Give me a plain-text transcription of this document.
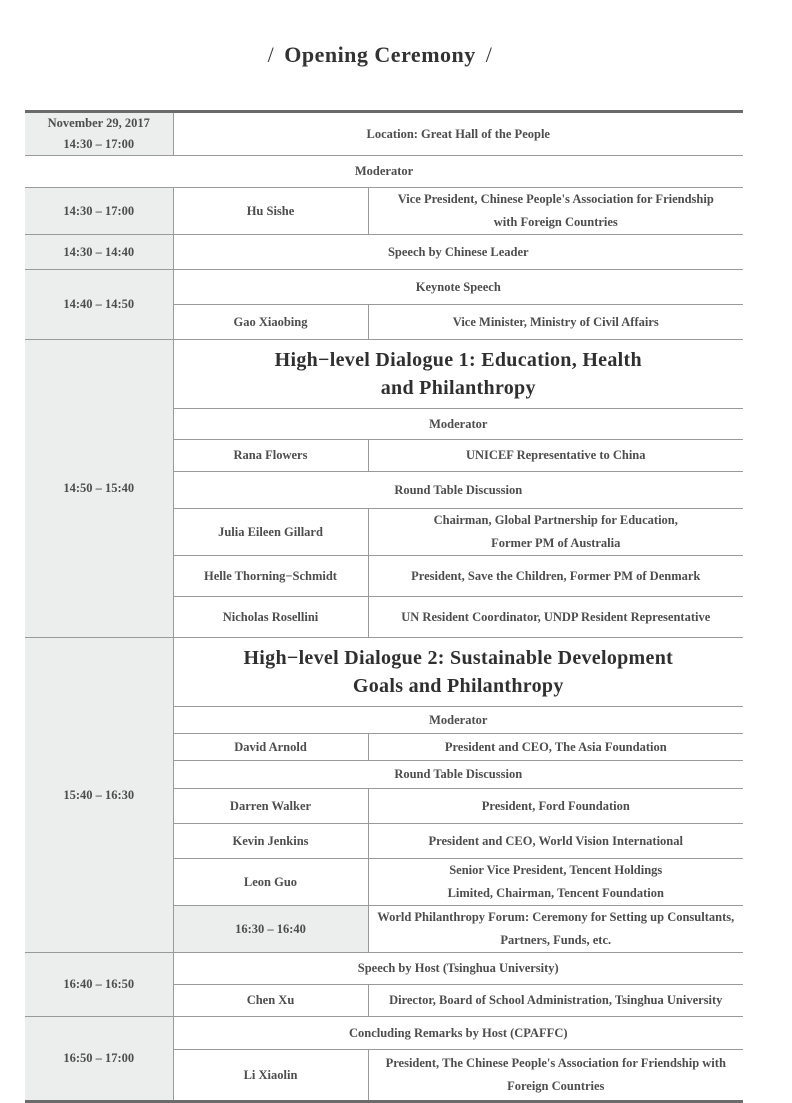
/ Opening Ceremony /
November 29, 2017
14:30 – 17:00	Location: Great Hall of the People	
Moderator		
14:30 – 17:00	Hu Sishe	Vice President, Chinese People's Association for Friendship
with Foreign Countries

14:30 – 14:40	Speech by Chinese Leader	
14:40 – 14:50	Keynote Speech	
	Gao Xiaobing	Vice Minister, Ministry of Civil Affairs
14:50 – 15:40	High−level Dialogue 1: Education, Health
and Philanthropy	

	Moderator	
	Rana Flowers	UNICEF Representative to China
	Round Table Discussion	
	Julia Eileen Gillard	Chairman, Global Partnership for Education,
Former PM of Australia

	Helle Thorning−Schmidt	President, Save the Children, Former PM of Denmark
	Nicholas Rosellini	UN Resident Coordinator, UNDP Resident Representative
15:40 – 16:30	High−level Dialogue 2: Sustainable Development
Goals and Philanthropy	

	Moderator	
	David Arnold	President and CEO, The Asia Foundation
	Round Table Discussion	
	Darren Walker	President, Ford Foundation
	Kevin Jenkins	President and CEO, World Vision International
	Leon Guo	Senior Vice President, Tencent Holdings
Limited, Chairman, Tencent Foundation

	16:30 – 16:40	World Philanthropy Forum: Ceremony for Setting up Consultants, Partners, Funds, etc.
16:40 – 16:50	Speech by Host (Tsinghua University)	
	Chen Xu	Director, Board of School Administration, Tsinghua University
16:50 – 17:00	Concluding Remarks by Host (CPAFFC)	
	Li Xiaolin	President, The Chinese People's Association for Friendship with
Foreign Countries
